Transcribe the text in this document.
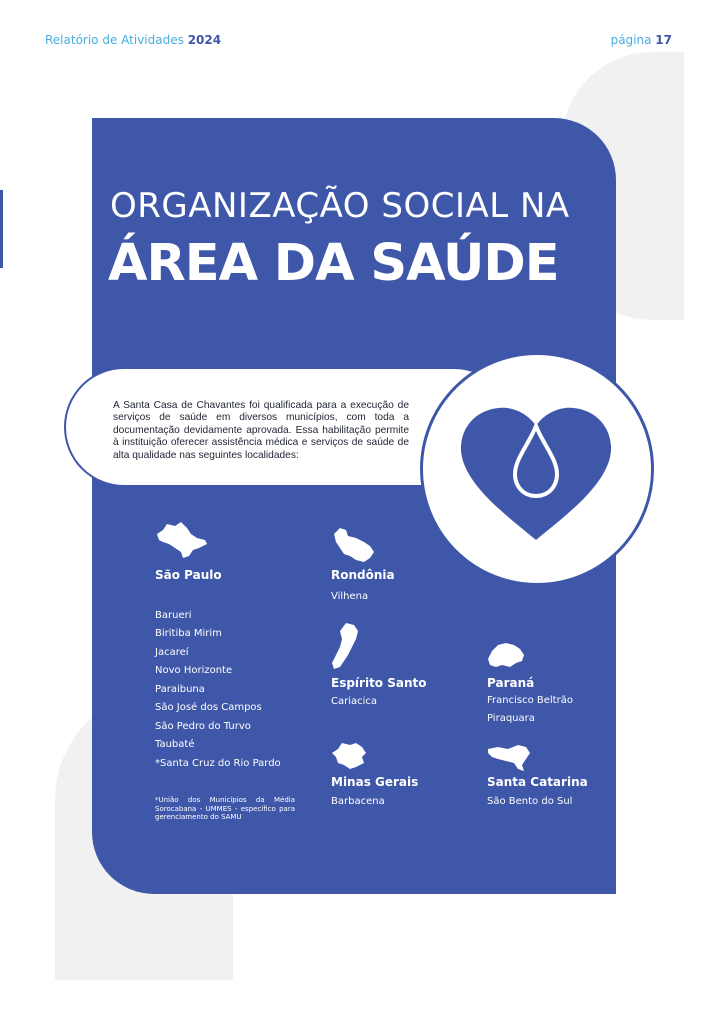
Relatório de Atividades 2024	página 17
ORGANIZAÇÃO SOCIAL NA
ÁREA DA SAÚDE
A Santa Casa de Chavantes foi qualificada para a execução de serviços de saúde em diversos municípios, com toda a documentação devidamente aprovada. Essa habilitação permite à instituição oferecer assistência médica e serviços de saúde de alta qualidade nas seguintes localidades:
São Paulo
Barueri
Biritiba Mirim
Jacareí
Novo Horizonte
Paraibuna
São José dos Campos
São Pedro do Turvo
Taubaté
*Santa Cruz do Rio Pardo
*União dos Municípios da Média Sorocabana - UMMES - específico para gerenciamento do SAMU
Rondônia
Vilhena
Espírito Santo
Cariacica
Minas Gerais
Barbacena
Paraná
Francisco Beltrão
Piraquara
Santa Catarina
São Bento do Sul
